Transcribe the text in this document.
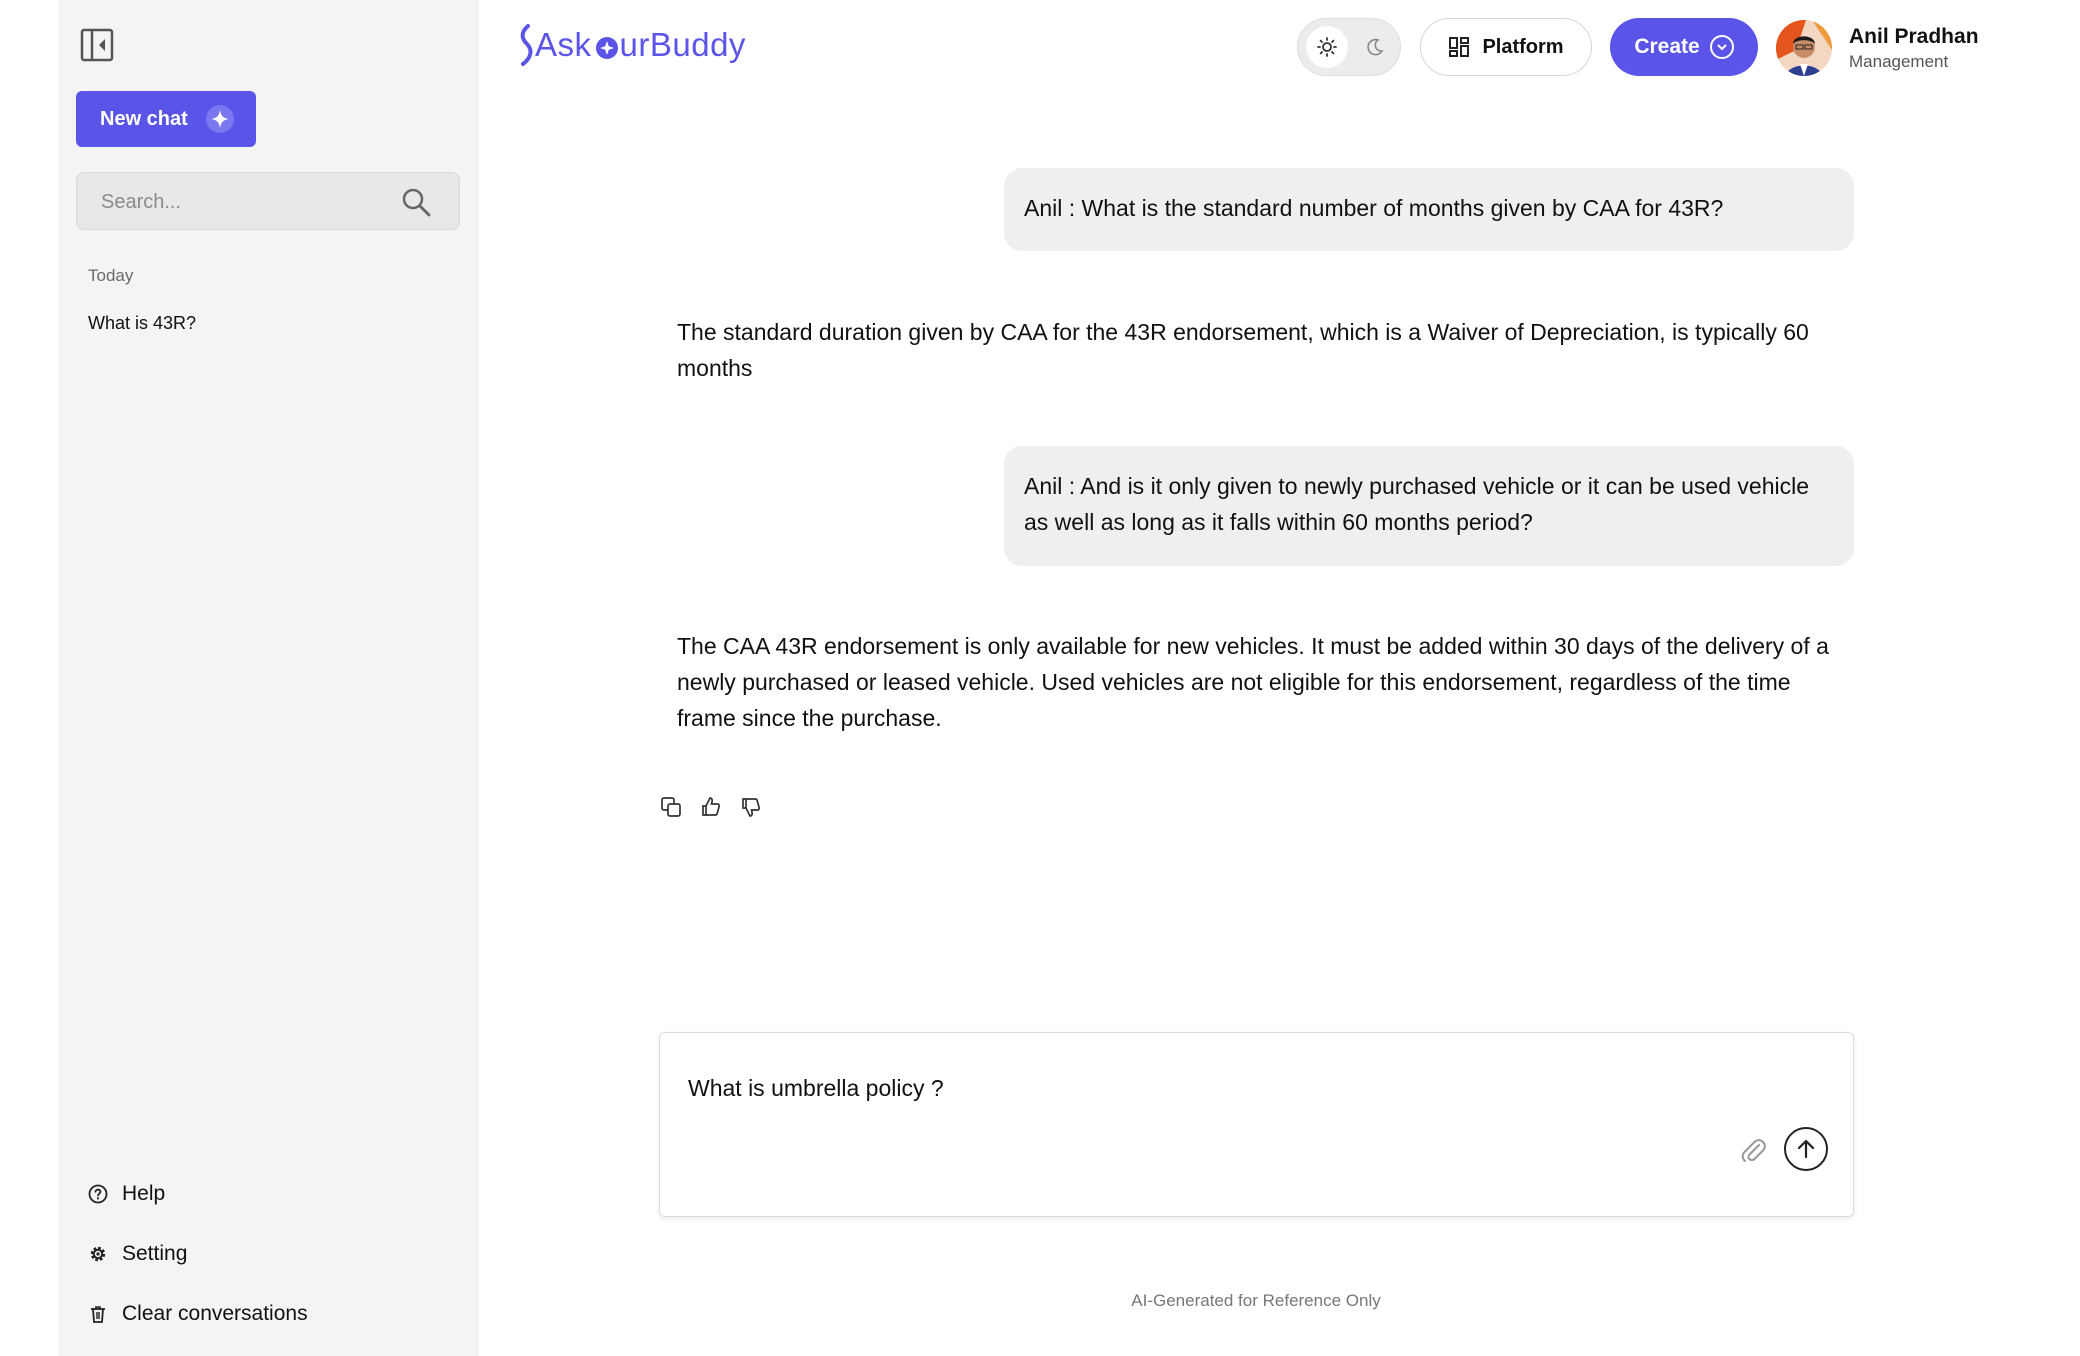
New chat
Search...
Today
What is 43R?
Help
Setting
Clear conversations
Ask urBuddy	Platform	Create	Anil Pradhan
Management
Anil : What is the standard number of months given by CAA for 43R?
The standard duration given by CAA for the 43R endorsement, which is a Waiver of Depreciation, is typically 60 months
Anil : And is it only given to newly purchased vehicle or it can be used vehicle as well as long as it falls within 60 months period?
The CAA 43R endorsement is only available for new vehicles. It must be added within 30 days of the delivery of a newly purchased or leased vehicle. Used vehicles are not eligible for this endorsement, regardless of the time frame since the purchase.
What is umbrella policy ?
AI-Generated for Reference Only
